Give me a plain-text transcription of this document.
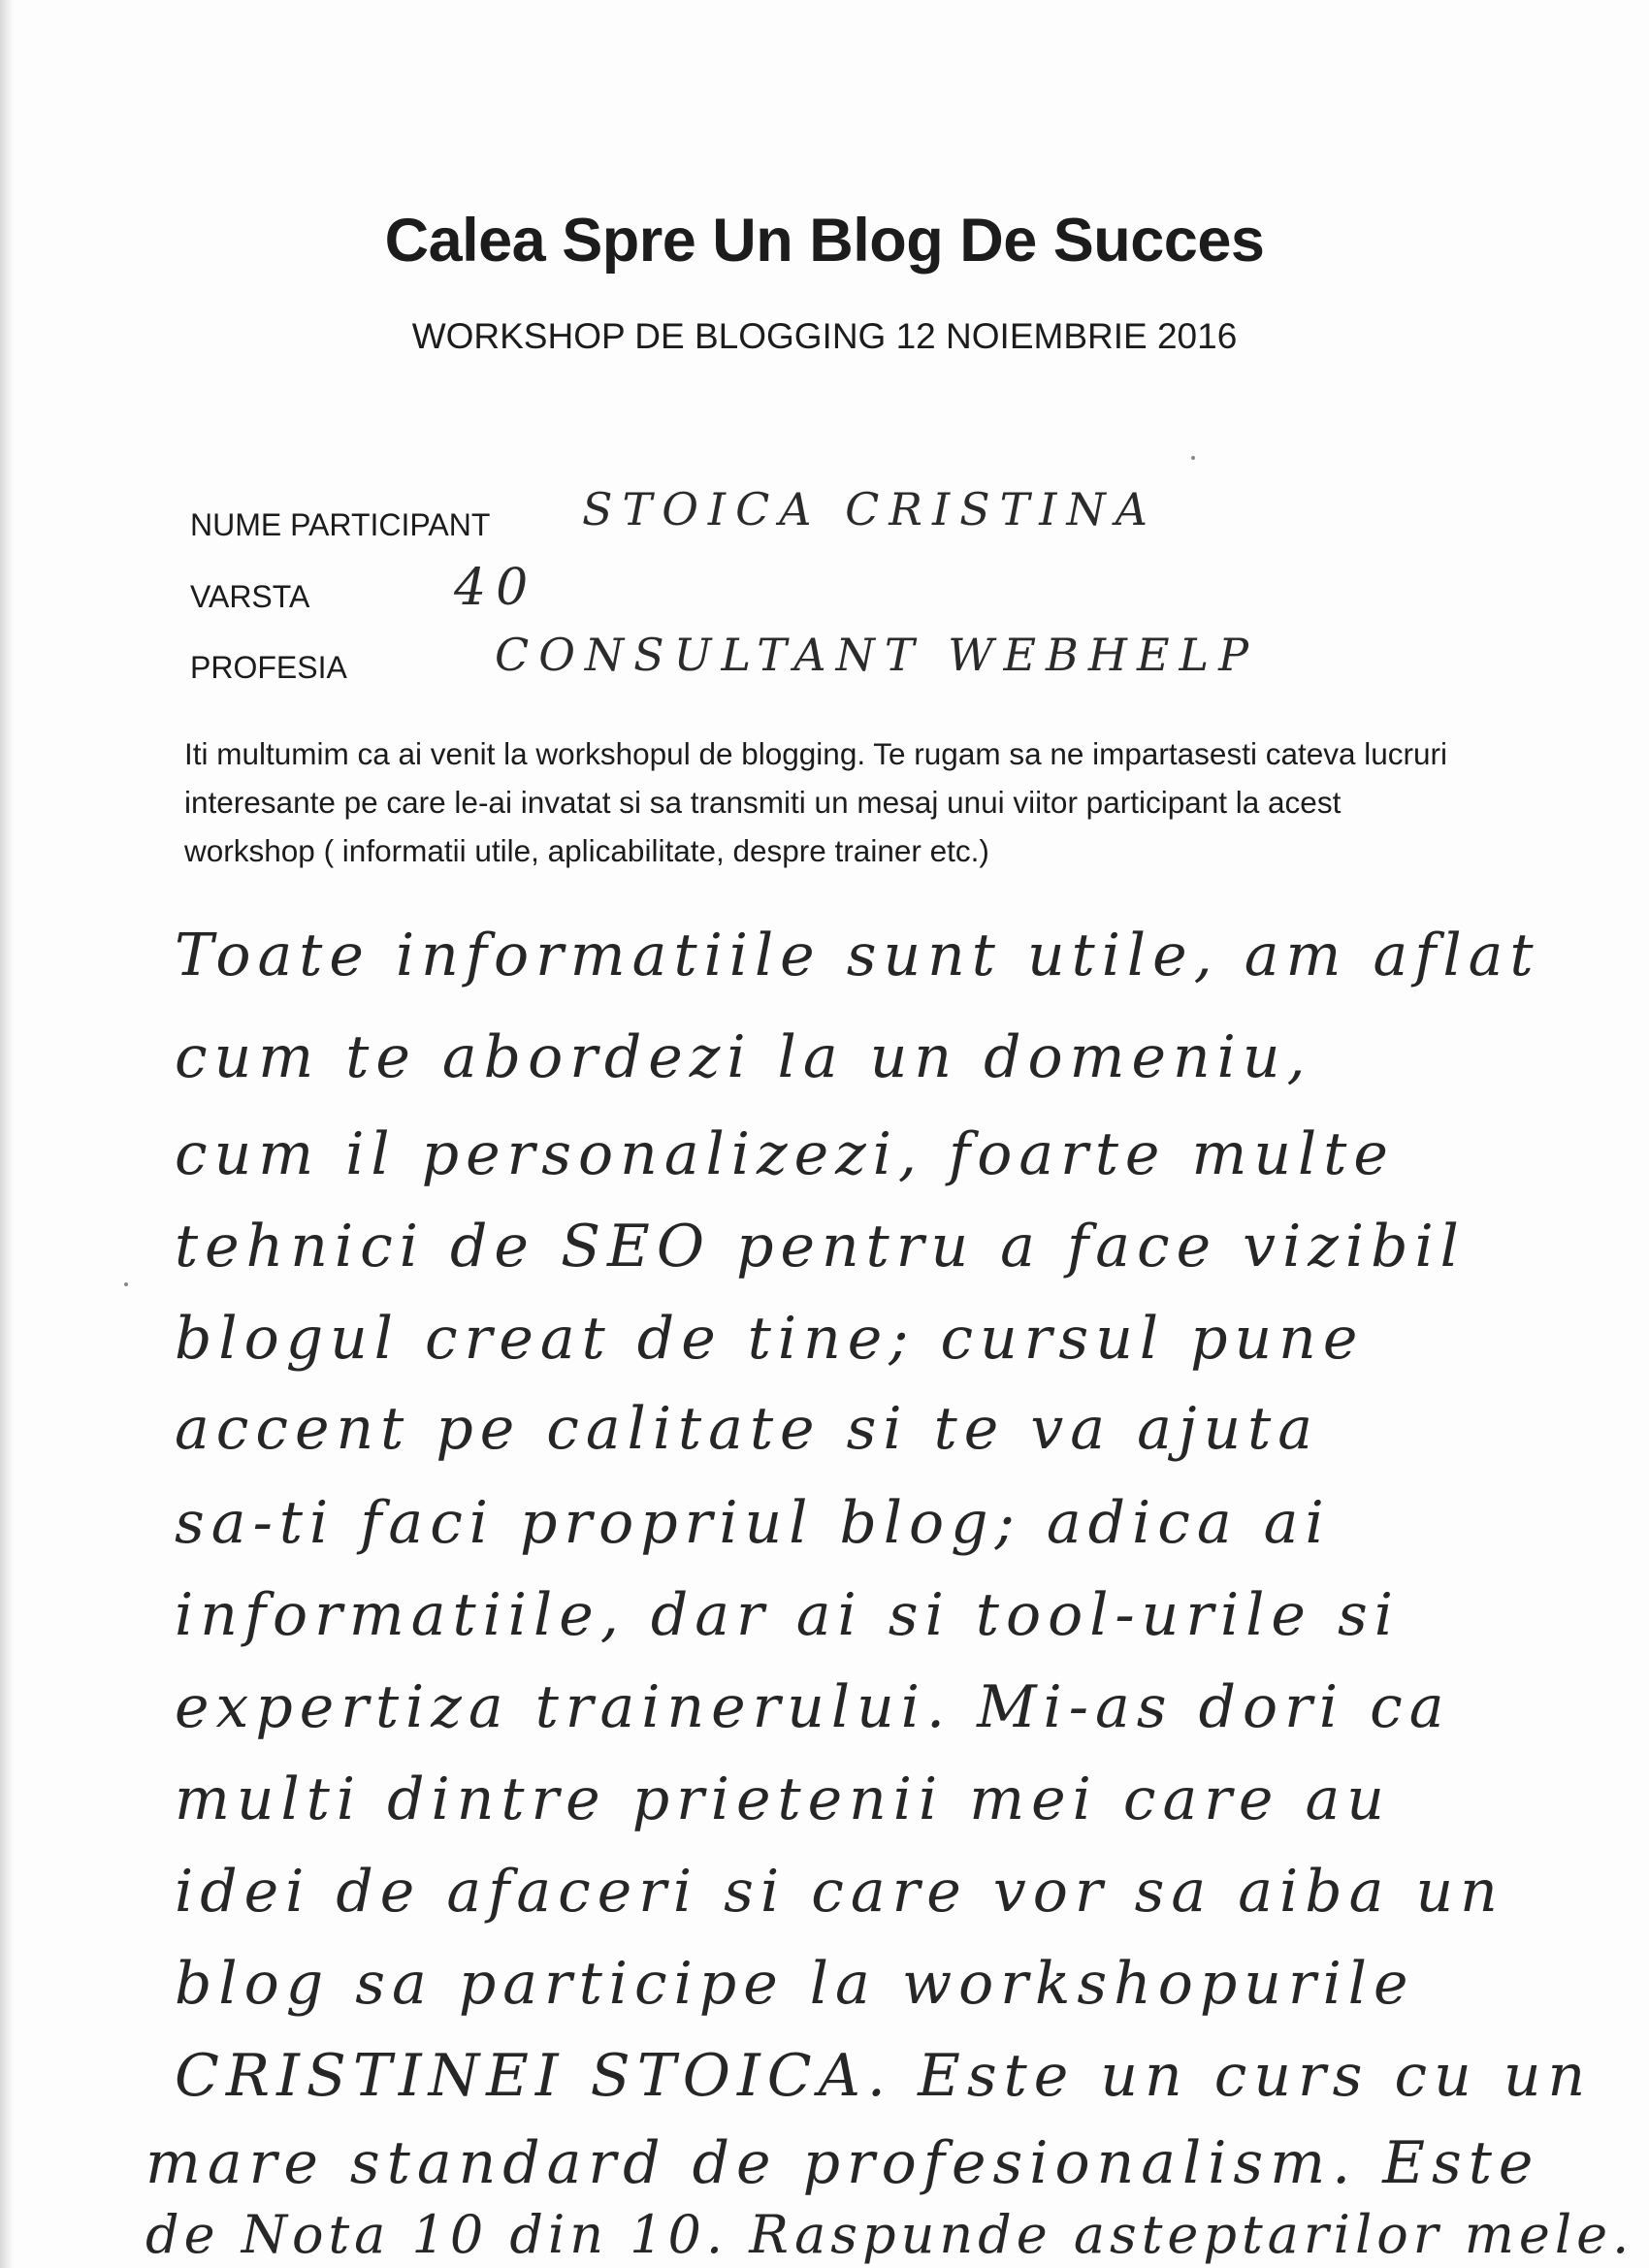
Calea Spre Un Blog De Succes
WORKSHOP DE BLOGGING 12 NOIEMBRIE 2016
NUME PARTICIPANT
VARSTA
PROFESIA
STOICA CRISTINA
40
CONSULTANT WEBHELP
Iti multumim ca ai venit la workshopul de blogging. Te rugam sa ne impartasesti cateva lucruri interesante pe care le-ai invatat si sa transmiti un mesaj unui viitor participant la acest workshop ( informatii utile, aplicabilitate, despre trainer etc.)
Toate informatiile sunt utile, am aflat
cum te abordezi la un domeniu,
cum il personalizezi, foarte multe
tehnici de SEO pentru a face vizibil
blogul creat de tine; cursul pune
accent pe calitate si te va ajuta
sa-ti faci propriul blog; adica ai
informatiile, dar ai si tool-urile si
expertiza trainerului. Mi-as dori ca
multi dintre prietenii mei care au
idei de afaceri si care vor sa aiba un
blog sa participe la workshopurile
CRISTINEI STOICA. Este un curs cu un
mare standard de profesionalism. Este
de Nota 10 din 10. Raspunde asteptarilor mele.
